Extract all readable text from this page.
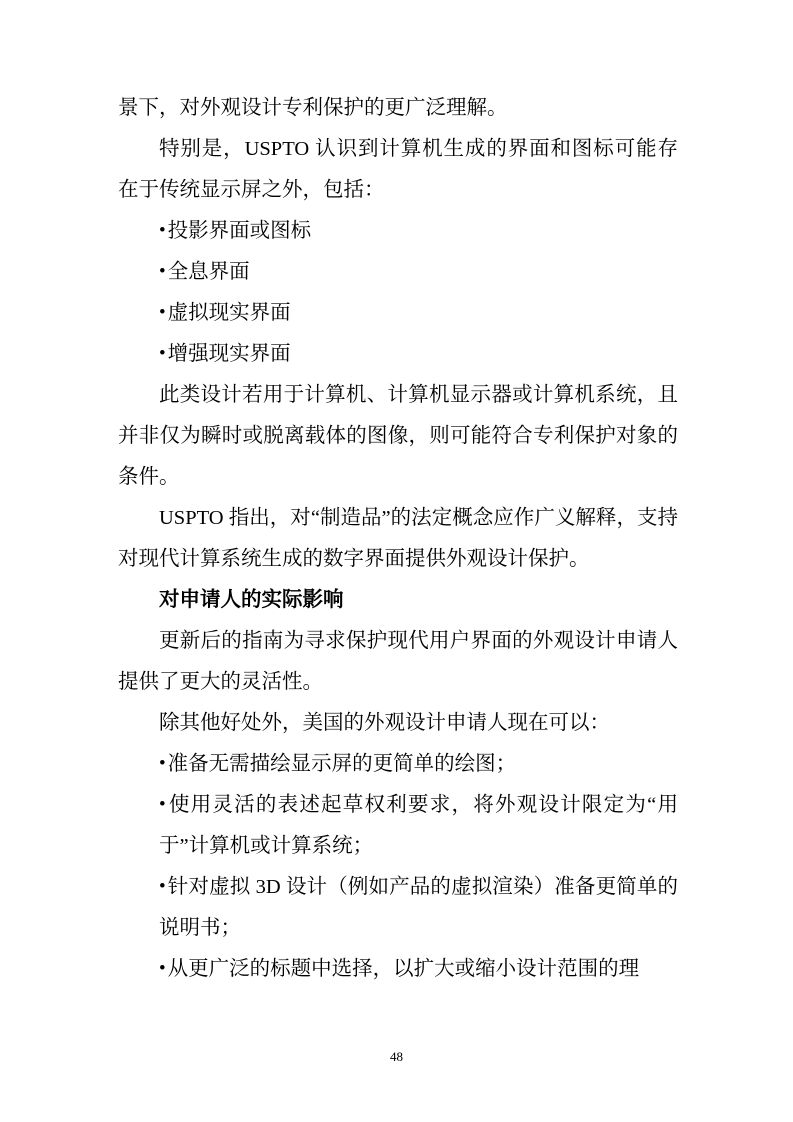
景下，对外观设计专利保护的更广泛理解。

特别是，USPTO 认识到计算机生成的界面和图标可能存在于传统显示屏之外，包括：

• 投影界面或图标

• 全息界面

• 虚拟现实界面

• 增强现实界面

此类设计若用于计算机、计算机显示器或计算机系统，且并非仅为瞬时或脱离载体的图像，则可能符合专利保护对象的条件。

USPTO 指出，对“制造品”的法定概念应作广义解释，支持对现代计算系统生成的数字界面提供外观设计保护。

对申请人的实际影响

更新后的指南为寻求保护现代用户界面的外观设计申请人提供了更大的灵活性。

除其他好处外，美国的外观设计申请人现在可以：

• 准备无需描绘显示屏的更简单的绘图；

• 使用灵活的表述起草权利要求，将外观设计限定为“用于”计算机或计算系统；

• 针对虚拟 3D 设计（例如产品的虚拟渲染）准备更简单的说明书；

• 从更广泛的标题中选择，以扩大或缩小设计范围的理

48
